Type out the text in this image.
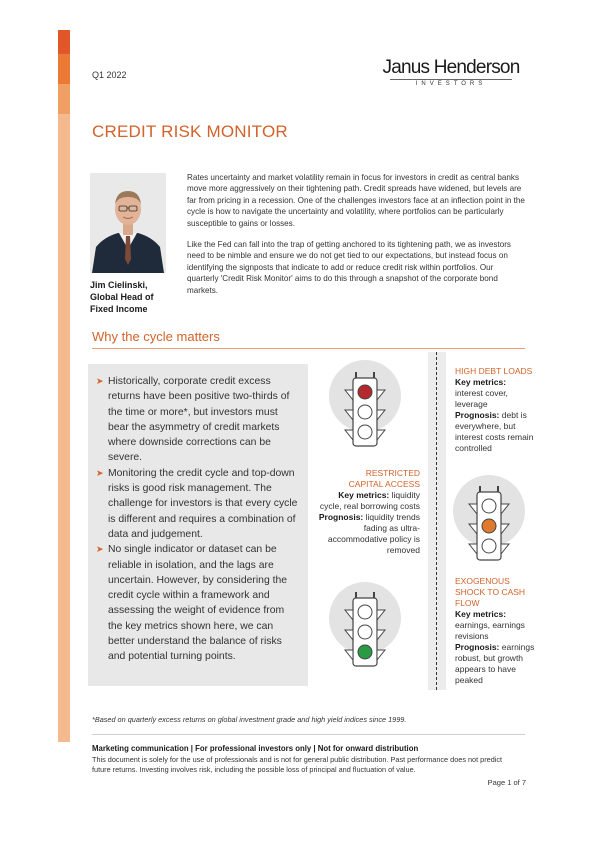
Q1 2022	Janus Henderson
INVESTORS
CREDIT RISK MONITOR
Jim Cielinski,
Global Head of
Fixed Income

Rates uncertainty and market volatility remain in focus for investors in credit as central banks move more aggressively on their tightening path. Credit spreads have widened, but levels are far from pricing in a recession. One of the challenges investors face at an inflection point in the cycle is how to navigate the uncertainty and volatility, where portfolios can be particularly susceptible to gains or losses.

Like the Fed can fall into the trap of getting anchored to its tightening path, we as investors need to be nimble and ensure we do not get tied to our expectations, but instead focus on identifying the signposts that indicate to add or reduce credit risk within portfolios. Our quarterly 'Credit Risk Monitor' aims to do this through a snapshot of the corporate bond markets.

Why the cycle matters
➤ Historically, corporate credit excess returns have been positive two-thirds of the time or more*, but investors must bear the asymmetry of credit markets where downside corrections can be severe.
➤ Monitoring the credit cycle and top-down risks is good risk management. The challenge for investors is that every cycle is different and requires a combination of data and judgement.
➤ No single indicator or dataset can be reliable in isolation, and the lags are uncertain. However, by considering the credit cycle within a framework and assessing the weight of evidence from the key metrics shown here, we can better understand the balance of risks and potential turning points.
HIGH DEBT LOADS
Key metrics: interest cover, leverage
Prognosis: debt is everywhere, but interest costs remain controlled
RESTRICTED
CAPITAL ACCESS
Key metrics: liquidity cycle, real borrowing costs
Prognosis: liquidity trends fading as ultra-accommodative policy is removed
EXOGENOUS SHOCK TO CASH FLOW
Key metrics: earnings, earnings revisions
Prognosis: earnings robust, but growth appears to have peaked
*Based on quarterly excess returns on global investment grade and high yield indices since 1999.
Marketing communication | For professional investors only | Not for onward distribution
This document is solely for the use of professionals and is not for general public distribution. Past performance does not predict future returns. Investing involves risk, including the possible loss of principal and fluctuation of value.
Page 1 of 7
